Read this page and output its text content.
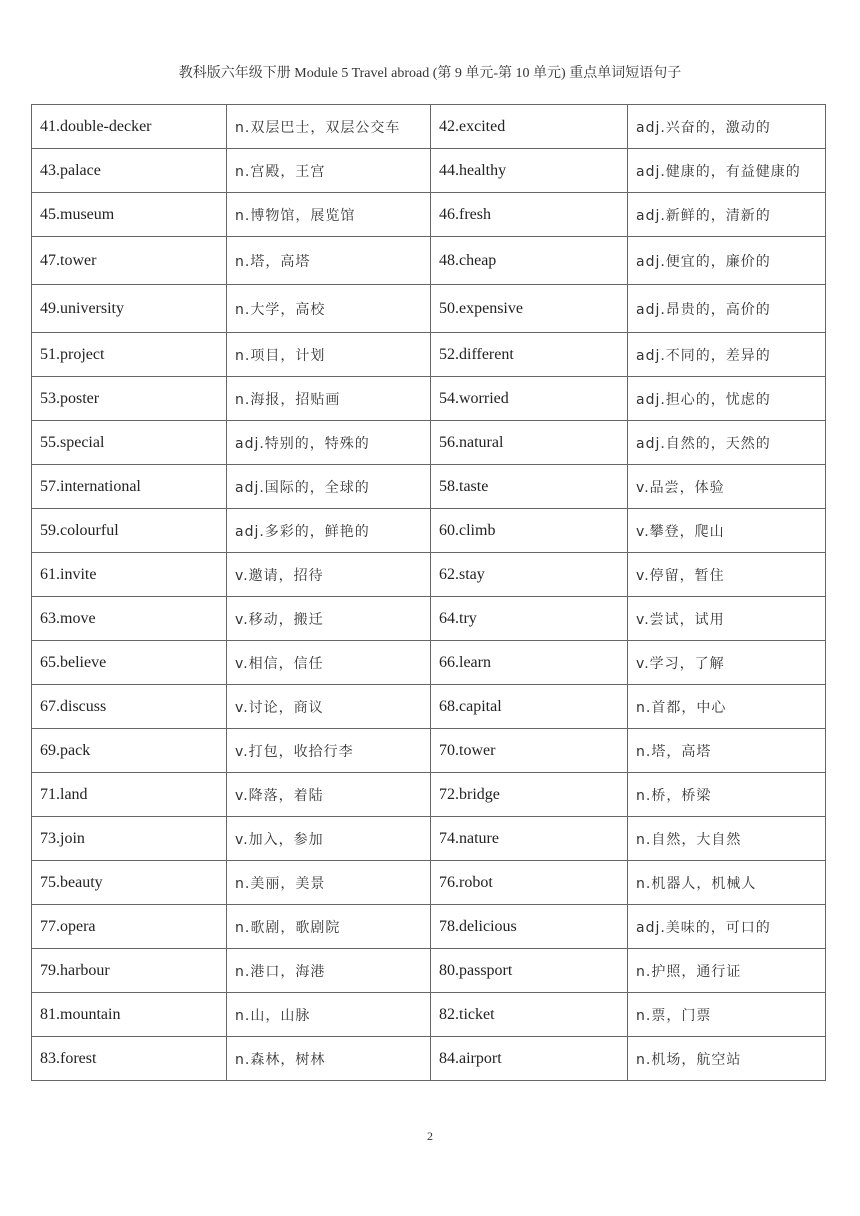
教科版六年级下册 Module 5 Travel abroad (第 9 单元-第 10 单元) 重点单词短语句子
41.double-decker	n.双层巴士，双层公交车	42.excited	adj.兴奋的，激动的
43.palace	n.宫殿，王宫	44.healthy	adj.健康的，有益健康的
45.museum	n.博物馆，展览馆	46.fresh	adj.新鲜的，清新的
47.tower	n.塔，高塔	48.cheap	adj.便宜的，廉价的
49.university	n.大学，高校	50.expensive	adj.昂贵的，高价的
51.project	n.项目，计划	52.different	adj.不同的，差异的
53.poster	n.海报，招贴画	54.worried	adj.担心的，忧虑的
55.special	adj.特别的，特殊的	56.natural	adj.自然的，天然的
57.international	adj.国际的，全球的	58.taste	v.品尝，体验
59.colourful	adj.多彩的，鲜艳的	60.climb	v.攀登，爬山
61.invite	v.邀请，招待	62.stay	v.停留，暂住
63.move	v.移动，搬迁	64.try	v.尝试，试用
65.believe	v.相信，信任	66.learn	v.学习，了解
67.discuss	v.讨论，商议	68.capital	n.首都，中心
69.pack	v.打包，收拾行李	70.tower	n.塔，高塔
71.land	v.降落，着陆	72.bridge	n.桥，桥梁
73.join	v.加入，参加	74.nature	n.自然，大自然
75.beauty	n.美丽，美景	76.robot	n.机器人，机械人
77.opera	n.歌剧，歌剧院	78.delicious	adj.美味的，可口的
79.harbour	n.港口，海港	80.passport	n.护照，通行证
81.mountain	n.山，山脉	82.ticket	n.票，门票
83.forest	n.森林，树林	84.airport	n.机场，航空站
2
